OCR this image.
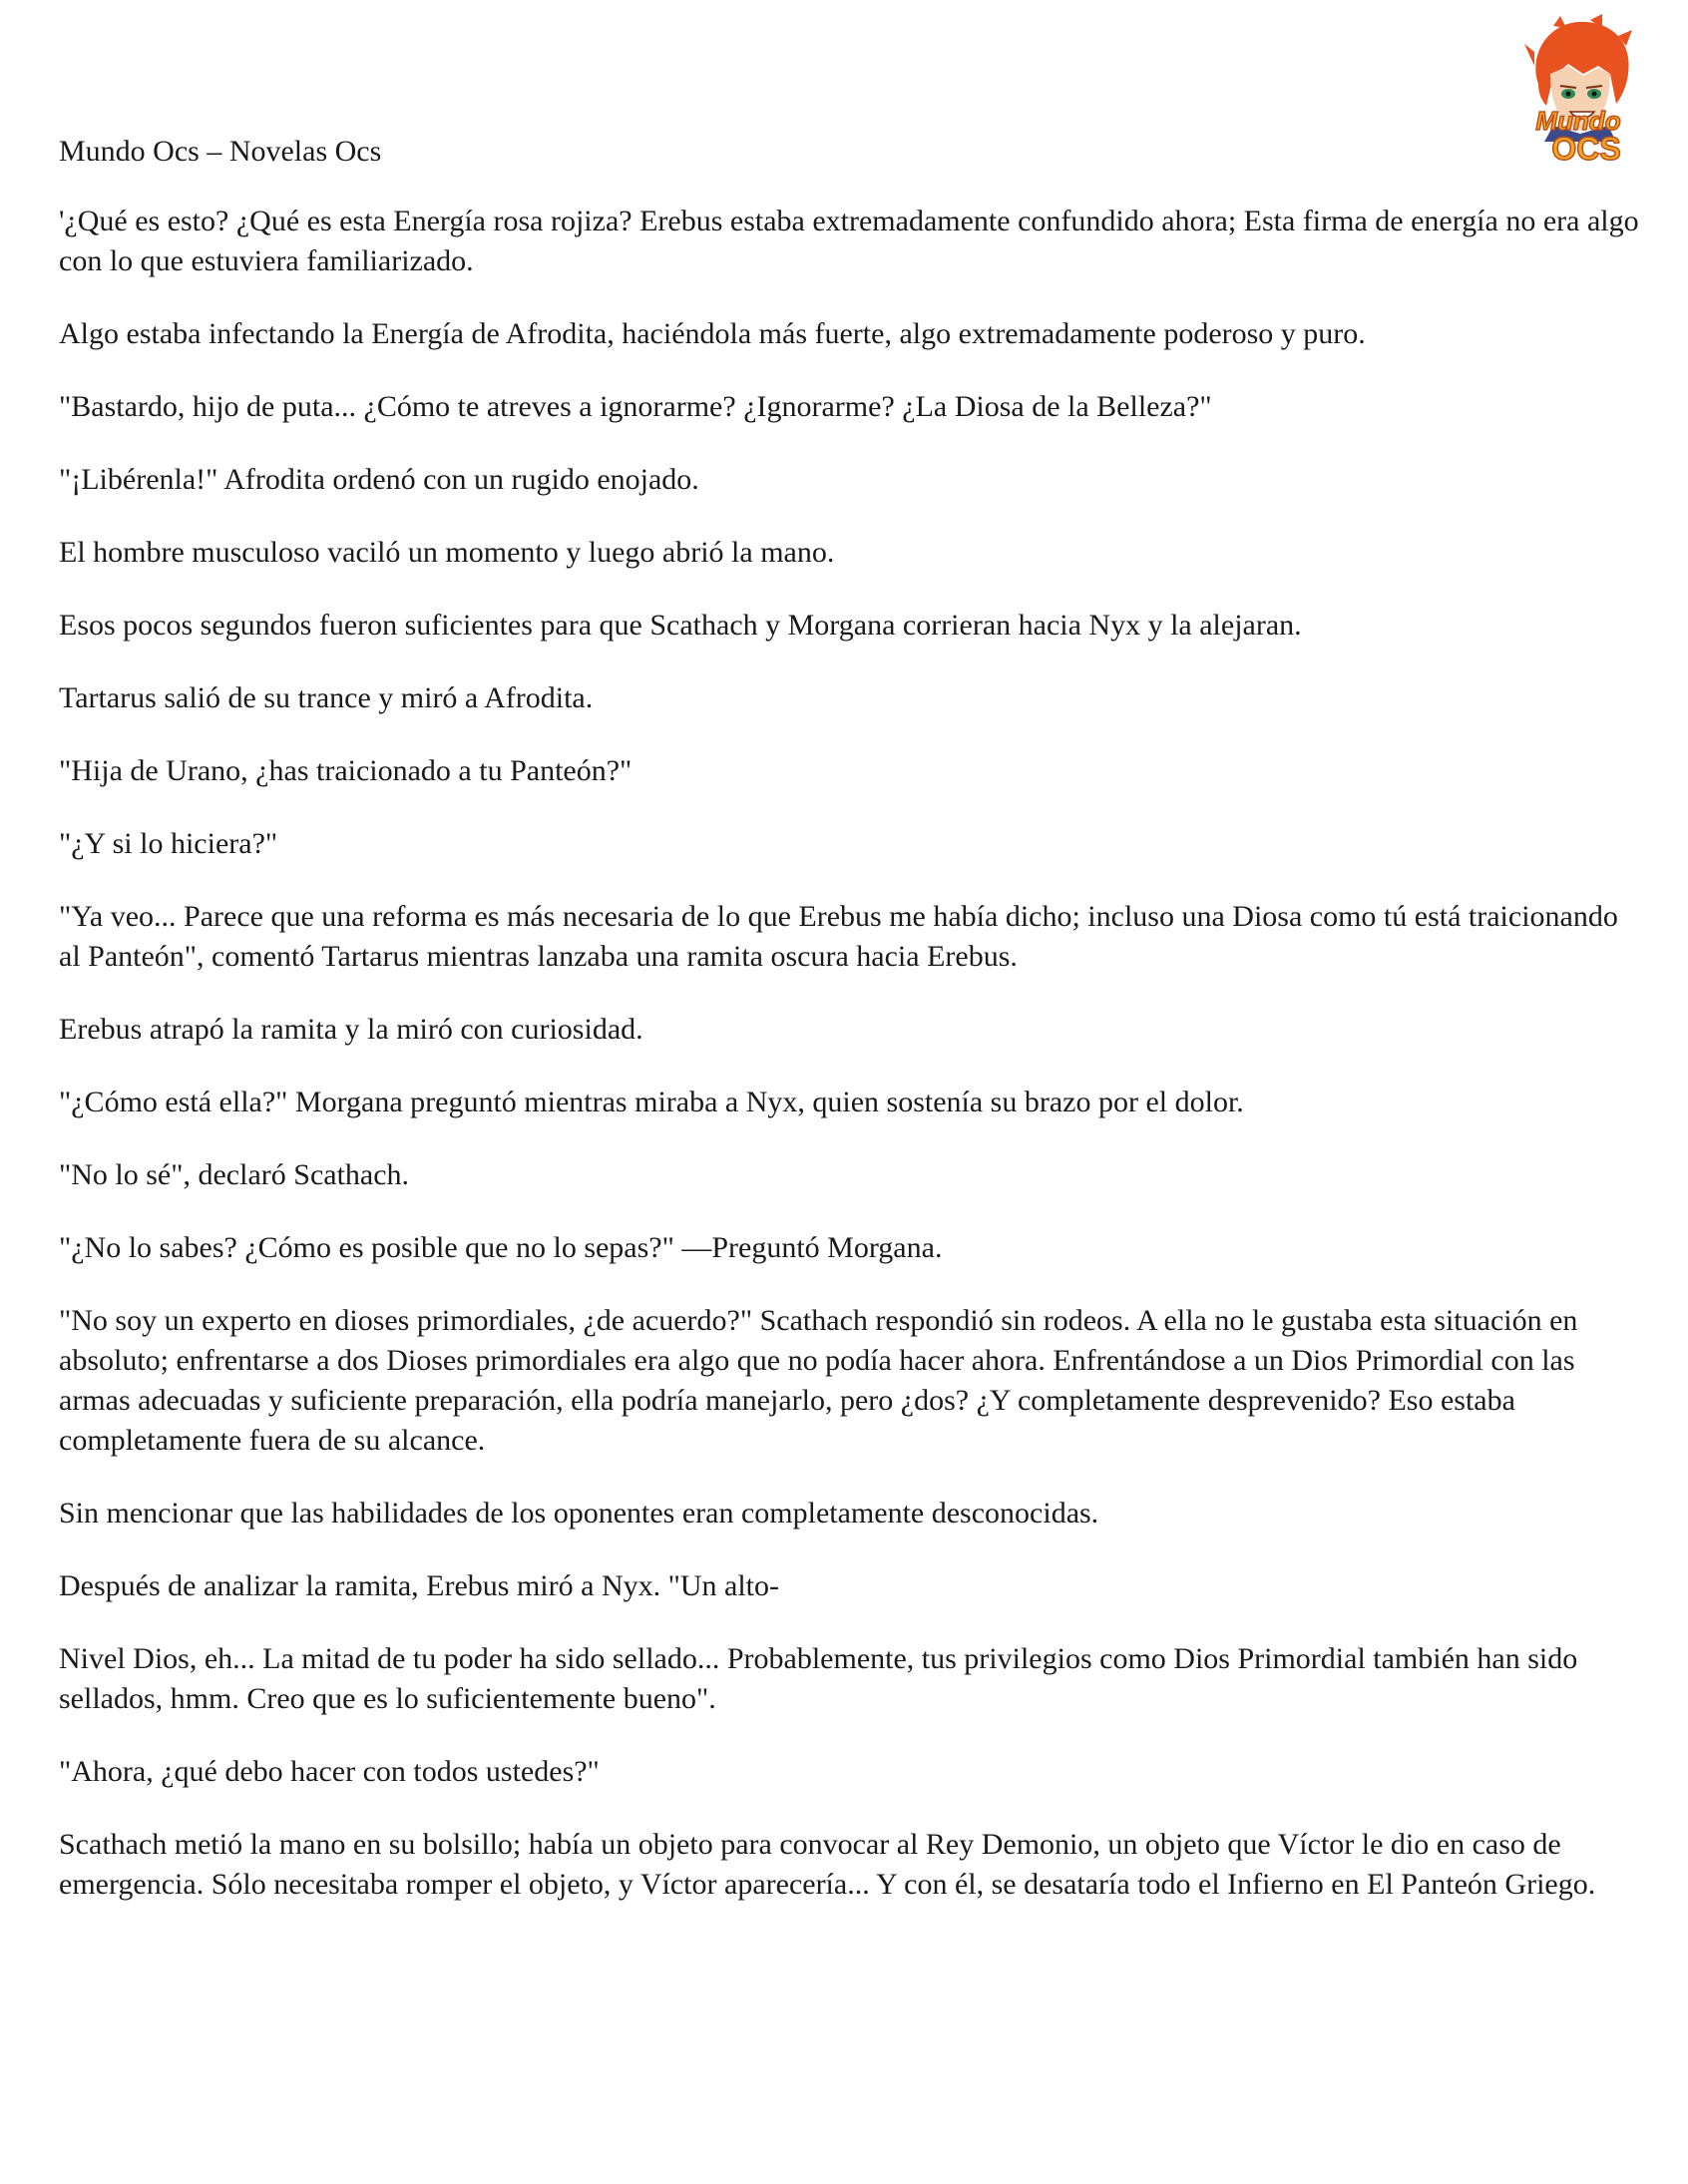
Mundo Ocs – Novelas Ocs
Mundo
OCS

'¿Qué es esto? ¿Qué es esta Energía rosa rojiza? Erebus estaba extremadamente confundido ahora; Esta firma de energía no era algo con lo que estuviera familiarizado.

Algo estaba infectando la Energía de Afrodita, haciéndola más fuerte, algo extremadamente poderoso y puro.

"Bastardo, hijo de puta... ¿Cómo te atreves a ignorarme? ¿Ignorarme? ¿La Diosa de la Belleza?"

"¡Libérenla!" Afrodita ordenó con un rugido enojado.

El hombre musculoso vaciló un momento y luego abrió la mano.

Esos pocos segundos fueron suficientes para que Scathach y Morgana corrieran hacia Nyx y la alejaran.

Tartarus salió de su trance y miró a Afrodita.

"Hija de Urano, ¿has traicionado a tu Panteón?"

"¿Y si lo hiciera?"

"Ya veo... Parece que una reforma es más necesaria de lo que Erebus me había dicho; incluso una Diosa como tú está traicionando al Panteón", comentó Tartarus mientras lanzaba una ramita oscura hacia Erebus.

Erebus atrapó la ramita y la miró con curiosidad.

"¿Cómo está ella?" Morgana preguntó mientras miraba a Nyx, quien sostenía su brazo por el dolor.

"No lo sé", declaró Scathach.

"¿No lo sabes? ¿Cómo es posible que no lo sepas?" —Preguntó Morgana.

"No soy un experto en dioses primordiales, ¿de acuerdo?" Scathach respondió sin rodeos. A ella no le gustaba esta situación en absoluto; enfrentarse a dos Dioses primordiales era algo que no podía hacer ahora. Enfrentándose a un Dios Primordial con las armas adecuadas y suficiente preparación, ella podría manejarlo, pero ¿dos? ¿Y completamente desprevenido? Eso estaba completamente fuera de su alcance.

Sin mencionar que las habilidades de los oponentes eran completamente desconocidas.

Después de analizar la ramita, Erebus miró a Nyx. "Un alto-

Nivel Dios, eh... La mitad de tu poder ha sido sellado... Probablemente, tus privilegios como Dios Primordial también han sido sellados, hmm. Creo que es lo suficientemente bueno".

"Ahora, ¿qué debo hacer con todos ustedes?"

Scathach metió la mano en su bolsillo; había un objeto para convocar al Rey Demonio, un objeto que Víctor le dio en caso de emergencia. Sólo necesitaba romper el objeto, y Víctor aparecería... Y con él, se desataría todo el Infierno en El Panteón Griego.
